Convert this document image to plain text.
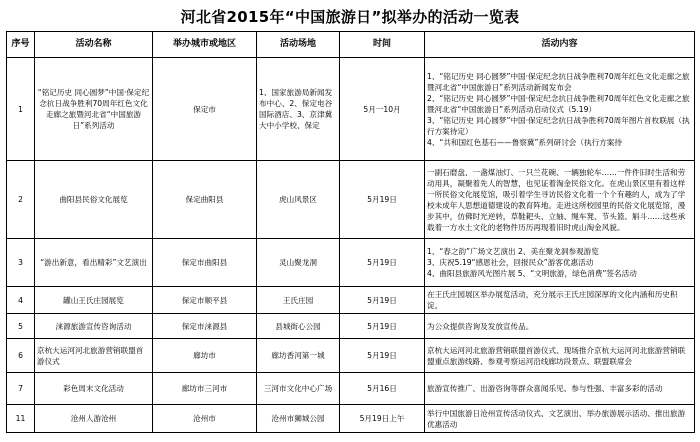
河北省2015年“中国旅游日”拟举办的活动一览表
序号	活动名称	举办城市或地区	活动场地	时间	活动内容
1	“铭记历史 同心圆梦”中国·保定纪念抗日战争胜利70周年红色文化走廊之旅暨河北省“中国旅游日”系列活动	保定市	1、国家旅游局新闻发布中心、2、保定电谷国际酒店、3、京津冀大中小学校、保定	5月一10月	1、“铭记历史 同心圆梦”中国·保定纪念抗日战争胜利70周年红色文化走廊之旅暨河北省“中国旅游日”系列活动新闻发布会
2、“铭记历史 同心圆梦”中国·保定纪念抗日战争胜利70周年红色文化走廊之旅暨河北省“中国旅游日”系列活动启动仪式（5.19）
3、“铭记历史 同心圆梦”中国·保定纪念抗日战争胜利70周年图片首枚联展（执行方案待定）
4、“共和国红色基石——鲁察冀”系列研讨会（执行方案待

2	曲阳县民俗文化展览	保定曲阳县	虎山风景区	5月19日	一副石磨盘、一盏煤油灯、一只兰花碗、一辆独轮车……一件件旧时生活和劳动用具，凝聚着先人的智慧，也见证着淘金民俗文化。在虎山景区里有着这样一所民俗文化展览馆，吸引着学生寻访民俗文化着一个个有趣的人，成为了学校未成年人思想道德建设的教育阵地。走进这所校园里的民俗文化展览馆，漫步其中，仿佛时光逆转，草鞋耙头、立轴、绳车凳、节头篮、斛斗……这些承载着一方水土文化的老物件历历再现着旧时虎山淘金风貌。

3	“游出新意，看出精彩”文艺演出	保定市曲阳县	灵山聚龙洞	5月19日	1、“春之韵”广场文艺演出 2、美在聚龙洞参观游览
3、庆祝5.19“感恩社会，回报民众”游客优惠活动
4、曲阳县旅游风光图片展 5、“文明旅游，绿色消费”签名活动

4	罐山王氏庄园展览	保定市顺平县	王氏庄园	5月19日	在王氏庄园展区举办展览活动，充分展示王氏庄园深厚的文化内涵和历史积淀。

5	涞源旅游宣传咨询活动	保定市涞源县	县城街心公园	5月19日	为公众提供咨询及发放宣传品。

6	京杭大运河河北旅游营销联盟首游仪式	廊坊市	廊坊香河第一城	5月19日	京杭大运河河北旅游营销联盟首游仪式、现场推介京杭大运河河北旅游营销联盟重点旅游线路、参观考察运河沿线廊坊段景点、联盟联席会

7	彩色周末文化活动	廊坊市三河市	三河市文化中心广场	5月16日	旅游宣传推广、出游咨询等群众喜闻乐见、参与性强、丰富多彩的活动

11	沧州人游沧州	沧州市	沧州市狮城公园	5月19日上午	举行中国旅游日沧州宣传活动仪式、文艺演出、举办旅游展示活动、推出旅游优惠活动
